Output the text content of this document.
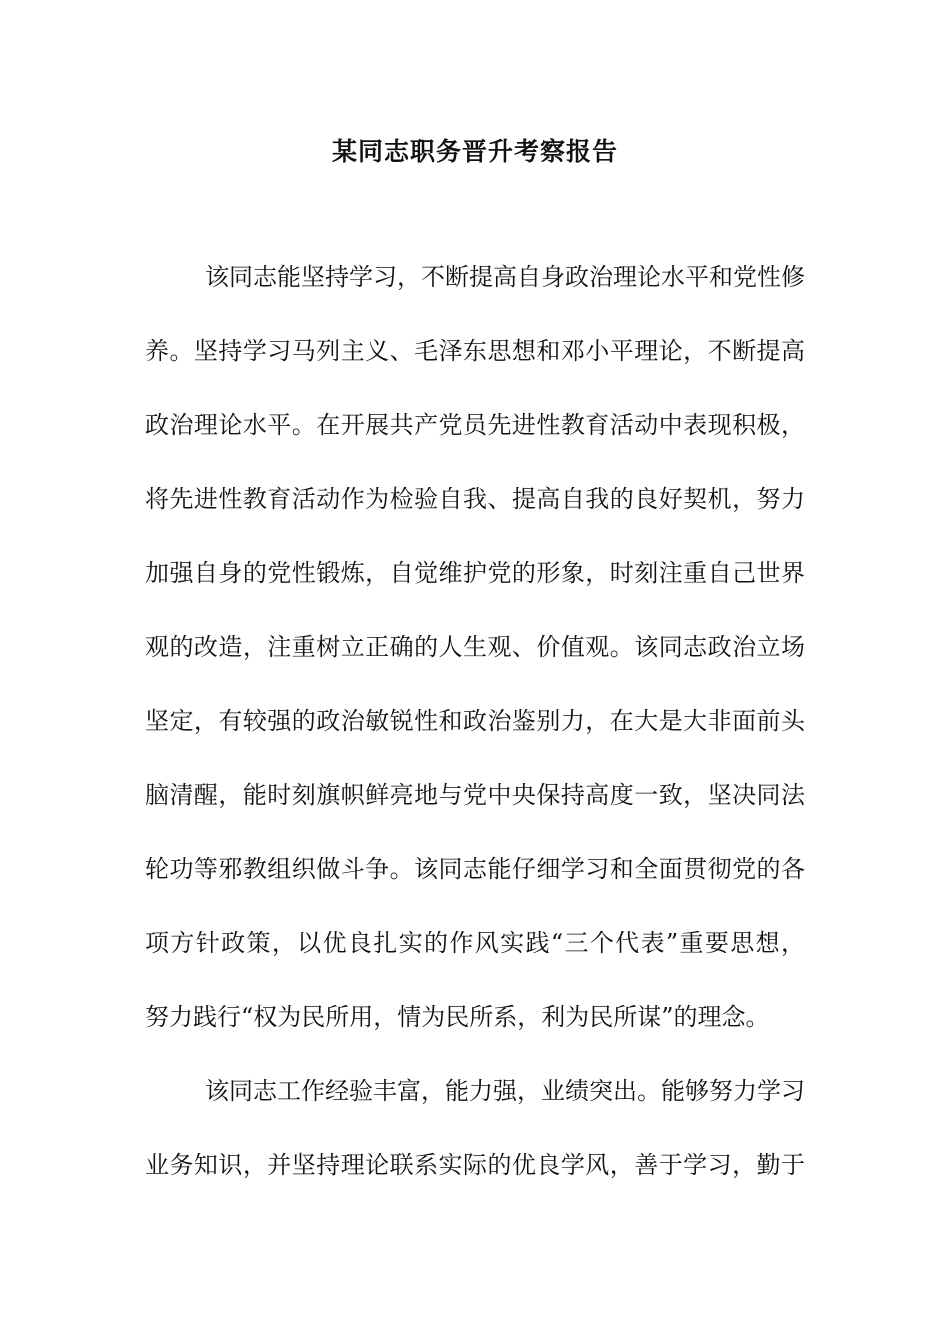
某同志职务晋升考察报告
该同志能坚持学习，不断提高自身政治理论水平和党性修
养。坚持学习马列主义、毛泽东思想和邓小平理论，不断提高
政治理论水平。在开展共产党员先进性教育活动中表现积极，
将先进性教育活动作为检验自我、提高自我的良好契机，努力
加强自身的党性锻炼，自觉维护党的形象，时刻注重自己世界
观的改造，注重树立正确的人生观、价值观。该同志政治立场
坚定，有较强的政治敏锐性和政治鉴别力，在大是大非面前头
脑清醒，能时刻旗帜鲜亮地与党中央保持高度一致，坚决同法
轮功等邪教组织做斗争。该同志能仔细学习和全面贯彻党的各
项方针政策，以优良扎实的作风实践“三个代表”重要思想，
努力践行“权为民所用，情为民所系，利为民所谋”的理念。
该同志工作经验丰富，能力强，业绩突出。能够努力学习
业务知识，并坚持理论联系实际的优良学风，善于学习，勤于
